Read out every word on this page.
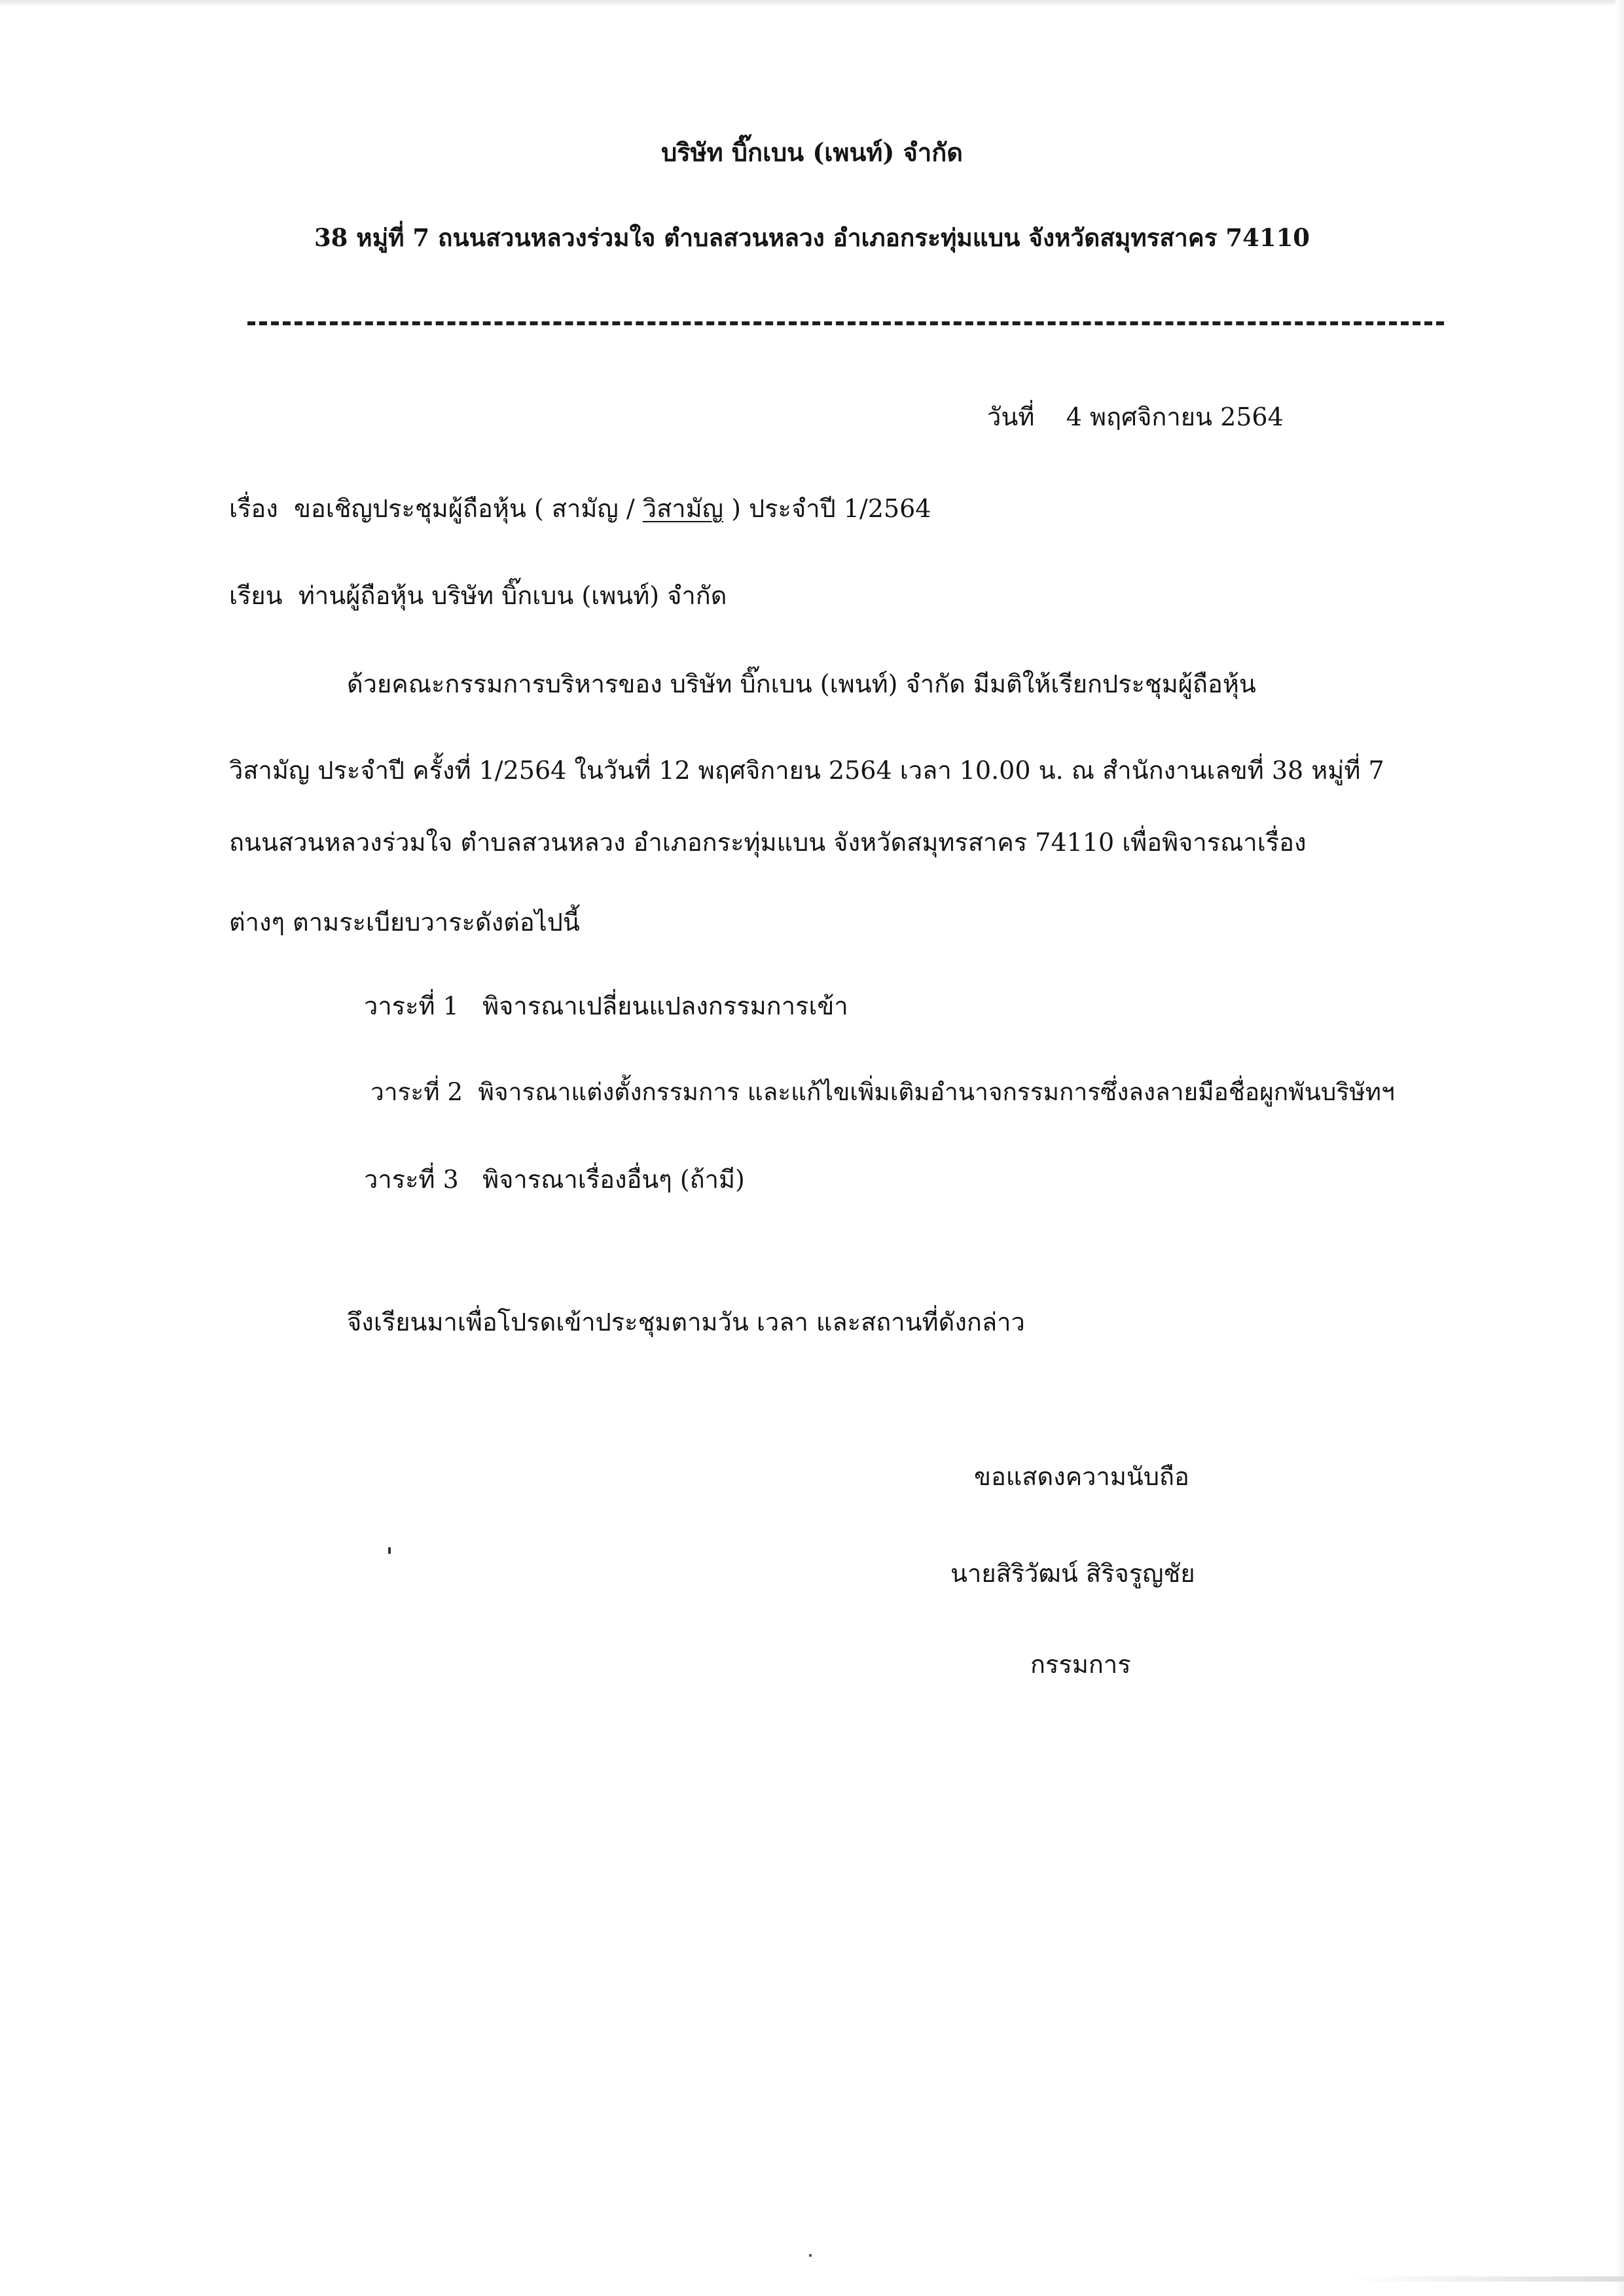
บริษัท บิ๊กเบน (เพนท์) จำกัด
38 หมู่ที่ 7 ถนนสวนหลวงร่วมใจ ตำบลสวนหลวง อำเภอกระทุ่มแบน จังหวัดสมุทรสาคร 74110
วันที่ 4 พฤศจิกายน 2564
เรื่อง ขอเชิญประชุมผู้ถือหุ้น ( สามัญ / วิสามัญ ) ประจำปี 1/2564
เรียน ท่านผู้ถือหุ้น บริษัท บิ๊กเบน (เพนท์) จำกัด
ด้วยคณะกรรมการบริหารของ บริษัท บิ๊กเบน (เพนท์) จำกัด มีมติให้เรียกประชุมผู้ถือหุ้น
วิสามัญ ประจำปี ครั้งที่ 1/2564 ในวันที่ 12 พฤศจิกายน 2564 เวลา 10.00 น. ณ สำนักงานเลขที่ 38 หมู่ที่ 7
ถนนสวนหลวงร่วมใจ ตำบลสวนหลวง อำเภอกระทุ่มแบน จังหวัดสมุทรสาคร 74110 เพื่อพิจารณาเรื่อง
ต่างๆ ตามระเบียบวาระดังต่อไปนี้
วาระที่ 1 พิจารณาเปลี่ยนแปลงกรรมการเข้า
วาระที่ 2 พิจารณาแต่งตั้งกรรมการ และแก้ไขเพิ่มเติมอำนาจกรรมการซึ่งลงลายมือชื่อผูกพันบริษัทฯ
วาระที่ 3 พิจารณาเรื่องอื่นๆ (ถ้ามี)
จึงเรียนมาเพื่อโปรดเข้าประชุมตามวัน เวลา และสถานที่ดังกล่าว
ขอแสดงความนับถือ
นายสิริวัฒน์ สิริจรูญชัย
กรรมการ
